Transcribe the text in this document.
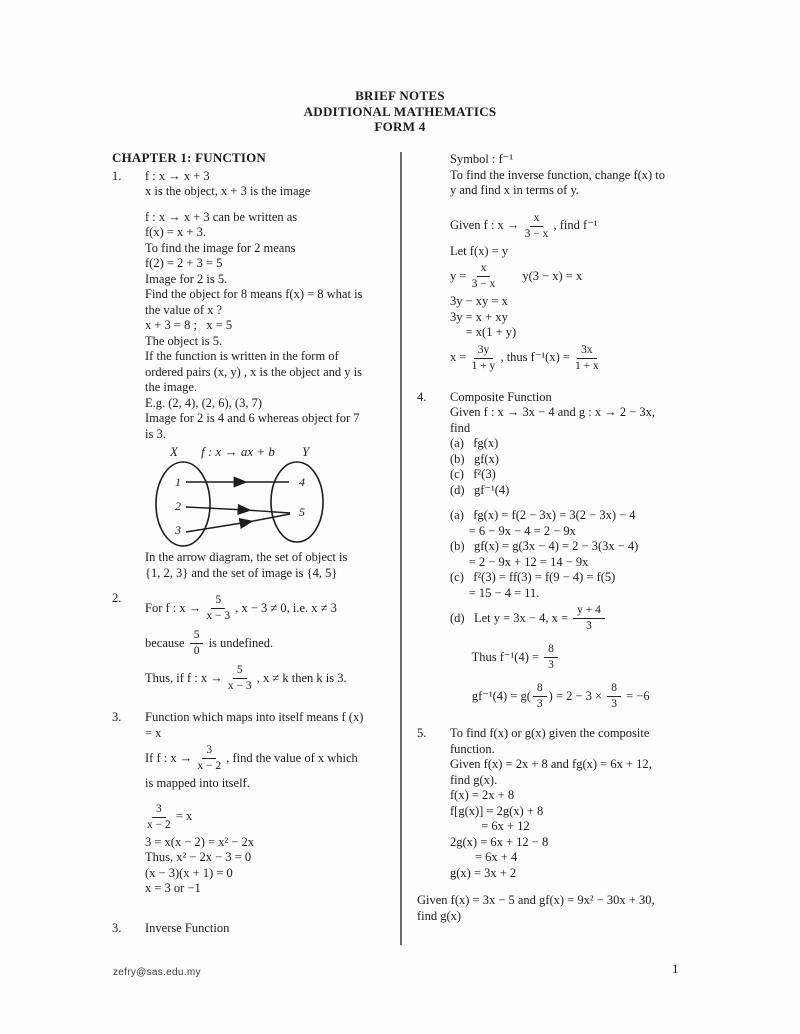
BRIEF NOTES
ADDITIONAL MATHEMATICS
FORM 4
CHAPTER 1: FUNCTION
1.	f : x → x + 3
x is the object, x + 3 is the image
f : x → x + 3 can be written as
f(x) = x + 3.
To find the image for 2 means
f(2) = 2 + 3 = 5
Image for 2 is 5.
Find the object for 8 means f(x) = 8 what is
the value of x ?
x + 3 = 8 ;   x = 5
The object is 5.
If the function is written in the form of
ordered pairs (x, y) , x is the object and y is
the image.
E.g. (2, 4), (2, 6), (3, 7)
Image for 2 is 4 and 6 whereas object for 7
is 3.
X f : x → ax + b Y
1
2
3
4
5
In the arrow diagram, the set of object is
{1, 2, 3} and the set of image is {4, 5}
2.
For f : $x \to \frac{5}{x - 3}$ , x − 3 ≠ 0, i.e. x ≠ 3
because $\frac{5}{0}$ is undefined.
Thus, if f : $x \to \frac{5}{x - 3}$ , x ≠ k then k is 3.
3.	Function which maps into itself means f (x)
= x
If f : $x \to \frac{3}{x - 2}$ , find the value of x which
is mapped into itself.
$\frac{3}{x - 2} = x$
3 = x(x − 2) = x² − 2x
Thus, x² − 2x − 3 = 0
(x − 3)(x + 1) = 0
x = 3 or −1
3.	Inverse Function
Symbol : f⁻¹
To find the inverse function, change f(x) to
y and find x in terms of y.
Given f : $x \to \frac{x}{3 - x}$ , find f⁻¹
Let f(x) = y
$y = \frac{x}{3 - x} y(3 - x) = x$
3y − xy = x
3y = x + xy
= x(1 + y)
$x = \frac{3y}{1 + y}$ , thus $f^{-1}(x) = \frac{3x}{1 + x}$
4.	Composite Function
Given f : x → 3x − 4 and g : x → 2 − 3x,
find
(a)   fg(x)
(b)   gf(x)
(c)   f²(3)
(d)   gf⁻¹(4)
(a)   fg(x) = f(2 − 3x) = 3(2 − 3x) − 4
= 6 − 9x − 4 = 2 − 9x
(b)   gf(x) = g(3x − 4) = 2 − 3(3x − 4)
= 2 − 9x + 12 = 14 − 9x
(c)   f²(3) = ff(3) = f(9 − 4) = f(5)
= 15 − 4 = 11.
(d)   Let y = 3x − 4, $x = \frac{y + 4}{3}$
Thus $f^{-1}(4) = \frac{8}{3}$
$gf^{-1}(4) = g( \frac{8}{3}$ ) = $2 - 3 \times \frac{8}{3} = -6$
5.	To find f(x) or g(x) given the composite
function.
Given f(x) = 2x + 8 and fg(x) = 6x + 12,
find g(x).
f(x) = 2x + 8
f[g(x)] = 2g(x) + 8
= 6x + 12
2g(x) = 6x + 12 − 8
= 6x + 4
g(x) = 3x + 2
Given f(x) = 3x − 5 and gf(x) = 9x² − 30x + 30,
find g(x)
zefry@sas.edu.my	1
